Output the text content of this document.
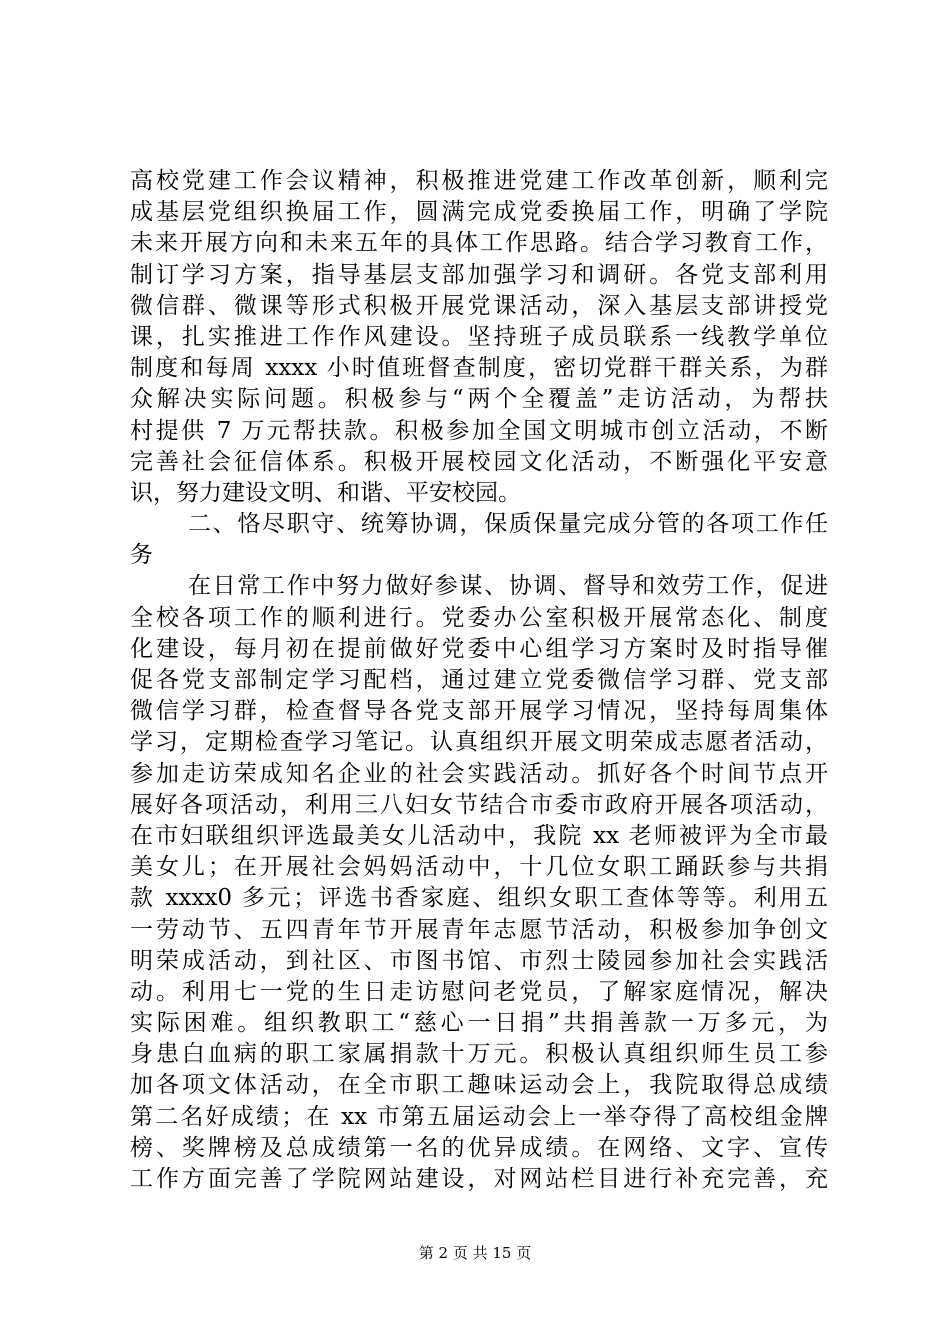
高校党建工作会议精神，积极推进党建工作改革创新，顺利完
成基层党组织换届工作，圆满完成党委换届工作，明确了学院
未来开展方向和未来五年的具体工作思路。结合学习教育工作，
制订学习方案，指导基层支部加强学习和调研。各党支部利用
微信群、微课等形式积极开展党课活动，深入基层支部讲授党
课，扎实推进工作作风建设。坚持班子成员联系一线教学单位
制度和每周 xxxx 小时值班督查制度，密切党群干群关系，为群
众解决实际问题。积极参与“两个全覆盖”走访活动，为帮扶
村提供 7 万元帮扶款。积极参加全国文明城市创立活动，不断
完善社会征信体系。积极开展校园文化活动，不断强化平安意
识，努力建设文明、和谐、平安校园。
二、恪尽职守、统筹协调，保质保量完成分管的各项工作任
务
在日常工作中努力做好参谋、协调、督导和效劳工作，促进
全校各项工作的顺利进行。党委办公室积极开展常态化、制度
化建设，每月初在提前做好党委中心组学习方案时及时指导催
促各党支部制定学习配档，通过建立党委微信学习群、党支部
微信学习群，检查督导各党支部开展学习情况，坚持每周集体
学习，定期检查学习笔记。认真组织开展文明荣成志愿者活动，
参加走访荣成知名企业的社会实践活动。抓好各个时间节点开
展好各项活动，利用三八妇女节结合市委市政府开展各项活动，
在市妇联组织评选最美女儿活动中，我院 xx 老师被评为全市最
美女儿；在开展社会妈妈活动中，十几位女职工踊跃参与共捐
款 xxxx0 多元；评选书香家庭、组织女职工查体等等。利用五
一劳动节、五四青年节开展青年志愿节活动，积极参加争创文
明荣成活动，到社区、市图书馆、市烈士陵园参加社会实践活
动。利用七一党的生日走访慰问老党员，了解家庭情况，解决
实际困难。组织教职工“慈心一日捐”共捐善款一万多元，为
身患白血病的职工家属捐款十万元。积极认真组织师生员工参
加各项文体活动，在全市职工趣味运动会上，我院取得总成绩
第二名好成绩；在 xx 市第五届运动会上一举夺得了高校组金牌
榜、奖牌榜及总成绩第一名的优异成绩。在网络、文字、宣传
工作方面完善了学院网站建设，对网站栏目进行补充完善，充
第 2 页 共 15 页
